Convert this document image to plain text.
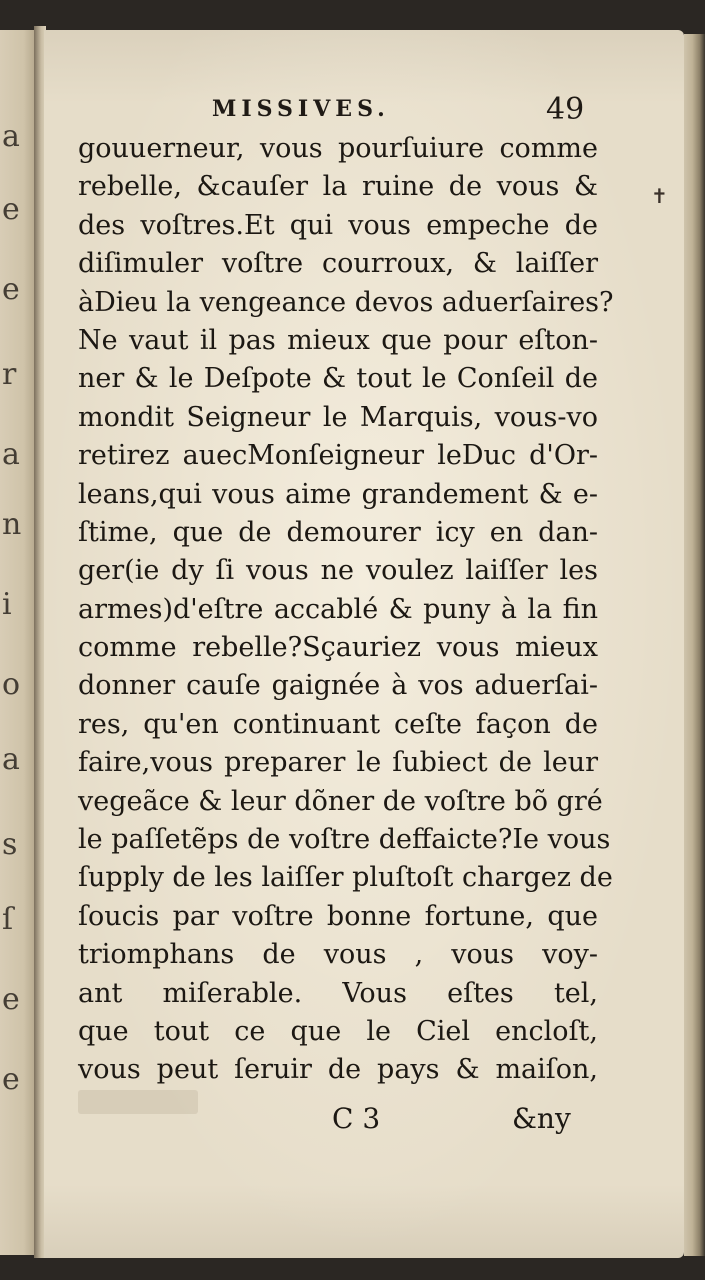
a
e
e
r
a
n
i
o
a
s
ſ
e
e
MISSIVES.	49
✝
gouuerneur, vous pourſuiure comme
rebelle, &cauſer la ruine de vous &
des voſtres.Et qui vous empeche de
diſimuler voſtre courroux, & laiſſer
àDieu la vengeance devos aduerſaires?
Ne vaut il pas mieux que pour eſton-
ner & le Deſpote & tout le Conſeil de
mondit Seigneur le Marquis, vous-vo
retirez auecMonſeigneur leDuc d'Or-
leans,qui vous aime grandement & e-
ſtime, que de demourer icy en dan-
ger(ie dy ſi vous ne voulez laiſſer les
armes)d'eſtre accablé & puny à la fin
comme rebelle?Sçauriez vous mieux
donner cauſe gaignée à vos aduerſai-
res, qu'en continuant ceſte façon de
faire,vous preparer le ſubiect de leur
vegeãce & leur dõner de voſtre bõ gré
le paſſetẽps de voſtre deffaicte?Ie vous
ſupply de les laiſſer pluſtoſt chargez de
ſoucis par voſtre bonne fortune, que
triomphans de vous , vous voy-
ant miſerable. Vous eſtes tel,
que tout ce que le Ciel encloſt,
vous peut ſeruir de pays & maiſon,
C 3	&ny
